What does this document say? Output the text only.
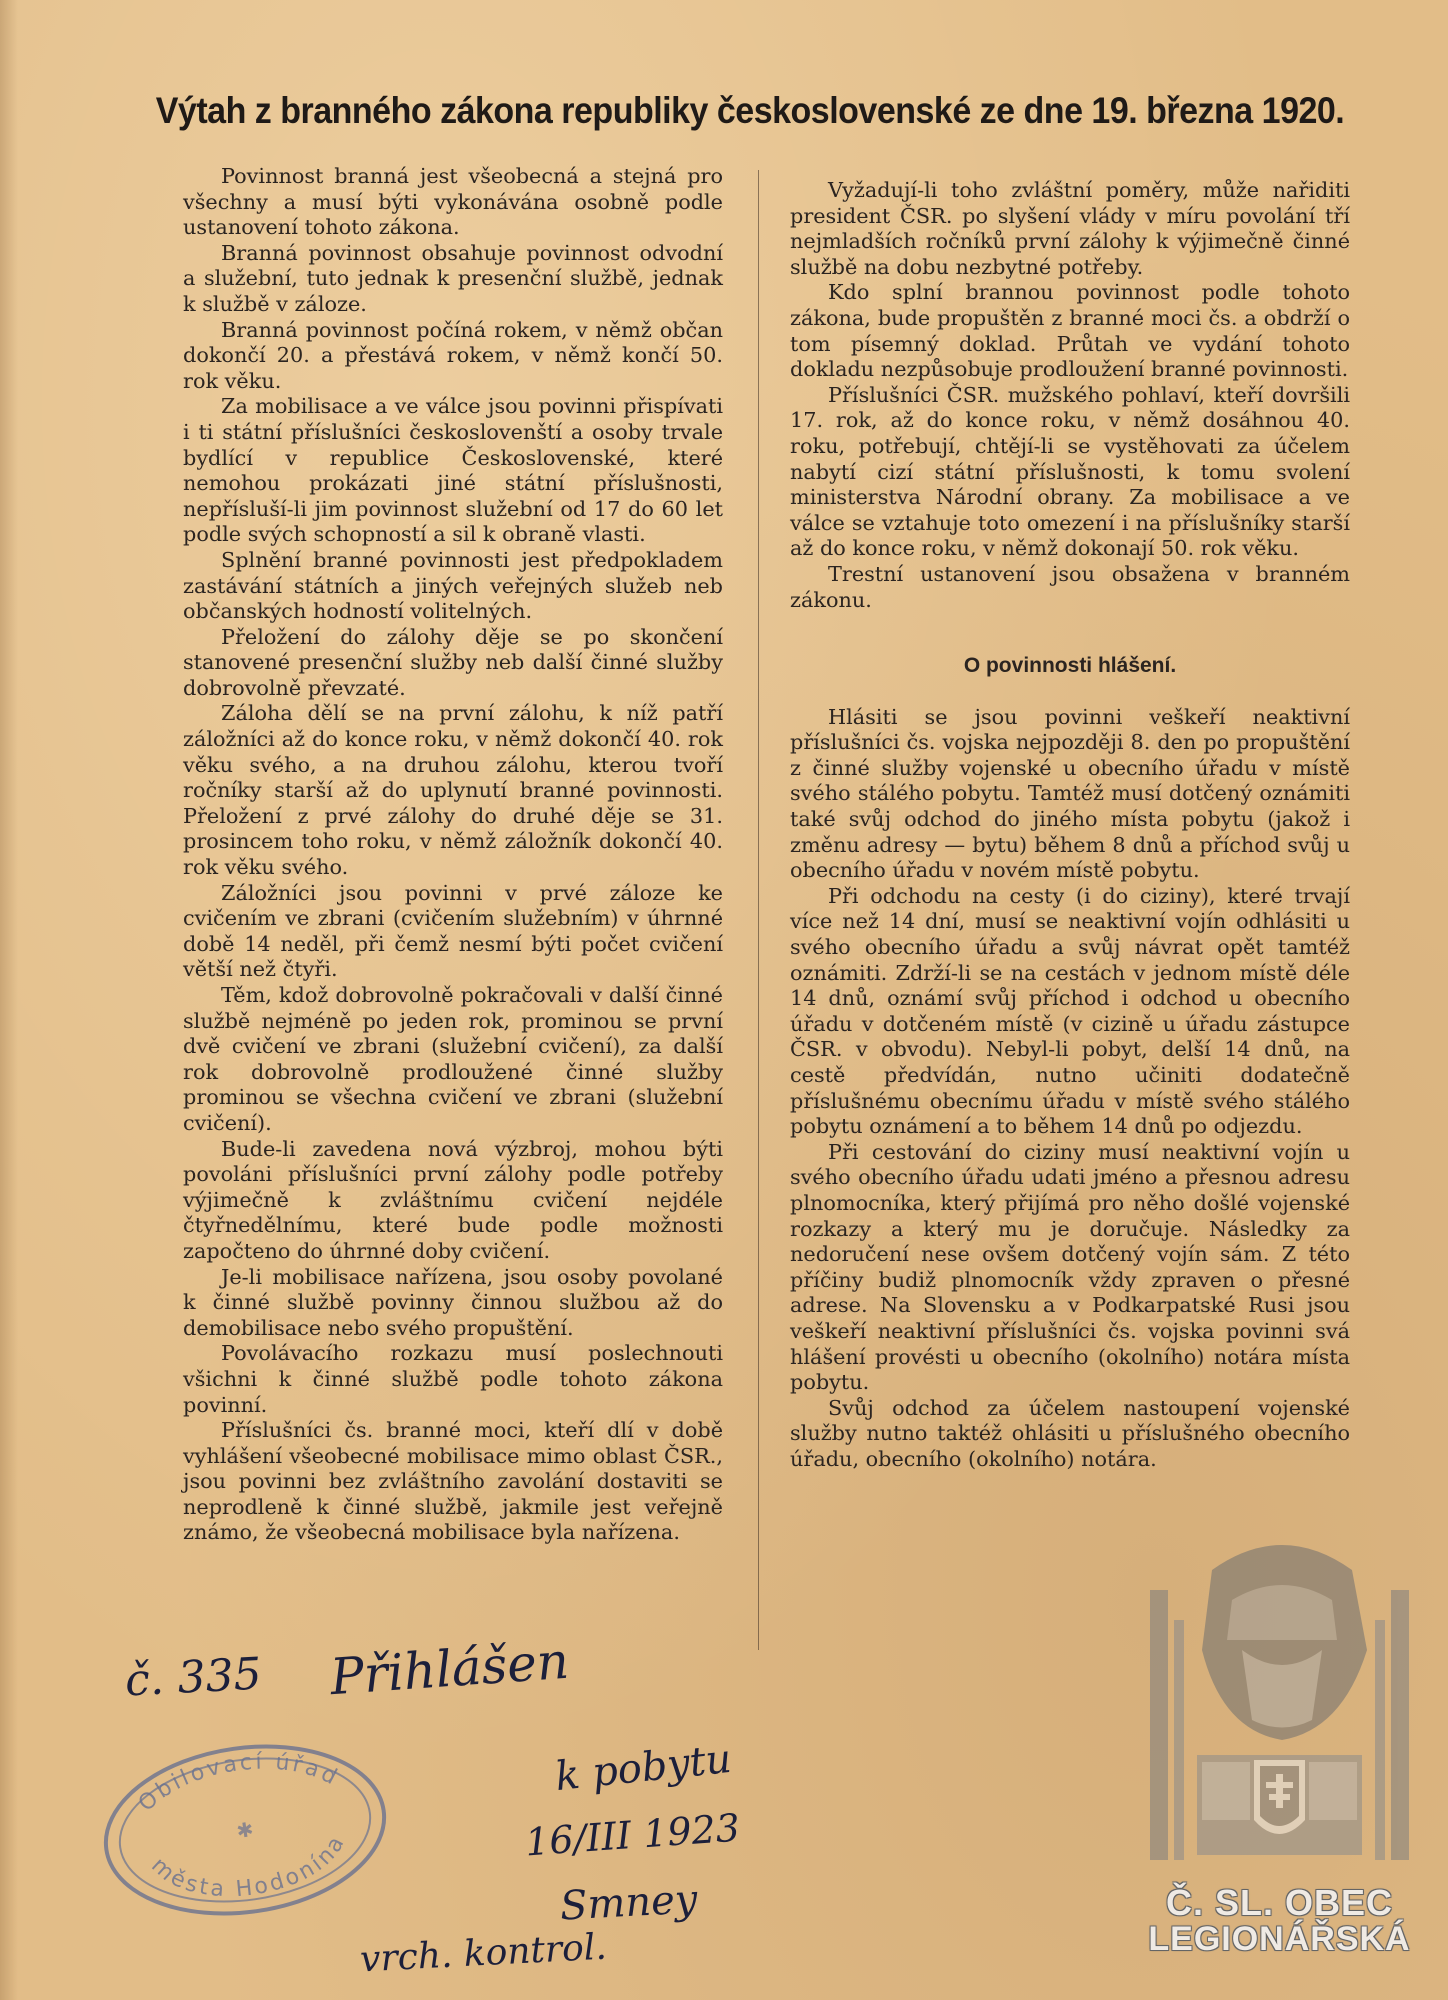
Výtah z branného zákona republiky československé ze dne 19. března 1920.

Povinnost branná jest všeobecná a stejná pro všechny a musí býti vykonávána osobně podle ustanovení tohoto zákona.

Branná povinnost obsahuje povinnost odvodní a služební, tuto jednak k presenční službě, jednak k službě v záloze.

Branná povinnost počíná rokem, v němž občan dokončí 20. a přestává rokem, v němž končí 50. rok věku.

Za mobilisace a ve válce jsou povinni přispívati i ti státní příslušníci českoslovenští a osoby trvale bydlící v republice Československé, které nemohou prokázati jiné státní příslušnosti, nepřísluší-li jim povinnost služební od 17 do 60 let podle svých schopností a sil k obraně vlasti.

Splnění branné povinnosti jest předpokladem zastávání státních a jiných veřejných služeb neb občanských hodností volitelných.

Přeložení do zálohy děje se po skončení stanovené presenční služby neb další činné služby dobrovolně převzaté.

Záloha dělí se na první zálohu, k níž patří záložníci až do konce roku, v němž dokončí 40. rok věku svého, a na druhou zálohu, kterou tvoří ročníky starší až do uplynutí branné povinnosti. Přeložení z prvé zálohy do druhé děje se 31. prosincem toho roku, v němž záložník dokončí 40. rok věku svého.

Záložníci jsou povinni v prvé záloze ke cvičením ve zbrani (cvičením služebním) v úhrnné době 14 neděl, při čemž nesmí býti počet cvičení větší než čtyři.

Těm, kdož dobrovolně pokračovali v další činné službě nejméně po jeden rok, prominou se první dvě cvičení ve zbrani (služební cvičení), za další rok dobrovolně prodloužené činné služby prominou se všechna cvičení ve zbrani (služební cvičení).

Bude-li zavedena nová výzbroj, mohou býti povoláni příslušníci první zálohy podle potřeby výjimečně k zvláštnímu cvičení nejdéle čtyřnedělnímu, které bude podle možnosti započteno do úhrnné doby cvičení.

Je-li mobilisace nařízena, jsou osoby povolané k činné službě povinny činnou službou až do demobilisace nebo svého propuštění.

Povolávacího rozkazu musí poslechnouti všichni k činné službě podle tohoto zákona povinní.

Příslušníci čs. branné moci, kteří dlí v době vyhlášení všeobecné mobilisace mimo oblast ČSR., jsou povinni bez zvláštního zavolání dostaviti se neprodleně k činné službě, jakmile jest veřejně známo, že všeobecná mobilisace byla nařízena.

Vyžadují-li toho zvláštní poměry, může nařiditi president ČSR. po slyšení vlády v míru povolání tří nejmladších ročníků první zálohy k výjimečně činné službě na dobu nezbytné potřeby.

Kdo splní brannou povinnost podle tohoto zákona, bude propuštěn z branné moci čs. a obdrží o tom písemný doklad. Průtah ve vydání tohoto dokladu nezpůsobuje prodloužení branné povinnosti.

Příslušníci ČSR. mužského pohlaví, kteří dovršili 17. rok, až do konce roku, v němž dosáhnou 40. roku, potřebují, chtějí-li se vystěhovati za účelem nabytí cizí státní příslušnosti, k tomu svolení ministerstva Národní obrany. Za mobilisace a ve válce se vztahuje toto omezení i na příslušníky starší až do konce roku, v němž dokonají 50. rok věku.

Trestní ustanovení jsou obsažena v branném zákonu.

O povinnosti hlášení.

Hlásiti se jsou povinni veškeří neaktivní příslušníci čs. vojska nejpozději 8. den po propuštění z činné služby vojenské u obecního úřadu v místě svého stálého pobytu. Tamtéž musí dotčený oznámiti také svůj odchod do jiného místa pobytu (jakož i změnu adresy — bytu) během 8 dnů a příchod svůj u obecního úřadu v novém místě pobytu.

Při odchodu na cesty (i do ciziny), které trvají více než 14 dní, musí se neaktivní vojín odhlásiti u svého obecního úřadu a svůj návrat opět tamtéž oznámiti. Zdrží-li se na cestách v jednom místě déle 14 dnů, oznámí svůj příchod i odchod u obecního úřadu v dotčeném místě (v cizině u úřadu zástupce ČSR. v obvodu). Nebyl-li pobyt, delší 14 dnů, na cestě předvídán, nutno učiniti dodatečně příslušnému obecnímu úřadu v místě svého stálého pobytu oznámení a to během 14 dnů po odjezdu.

Při cestování do ciziny musí neaktivní vojín u svého obecního úřadu udati jméno a přesnou adresu plnomocníka, který přijímá pro něho došlé vojenské rozkazy a který mu je doručuje. Následky za nedoručení nese ovšem dotčený vojín sám. Z této příčiny budiž plnomocník vždy zpraven o přesné adrese. Na Slovensku a v Podkarpatské Rusi jsou veškeří neaktivní příslušníci čs. vojska povinni svá hlášení provésti u obecního (okolního) notára místa pobytu.

Svůj odchod za účelem nastoupení vojenské služby nutno taktéž ohlásiti u příslušného obecního úřadu, obecního (okolního) notára.

č. 335 Přihlášen
k pobytu
16/III 1923
Smney
vrch. kontrol.
Obilovací úřad
města Hodonína
✱
Č. SL. OBEC
LEGIONÁŘSKÁ
